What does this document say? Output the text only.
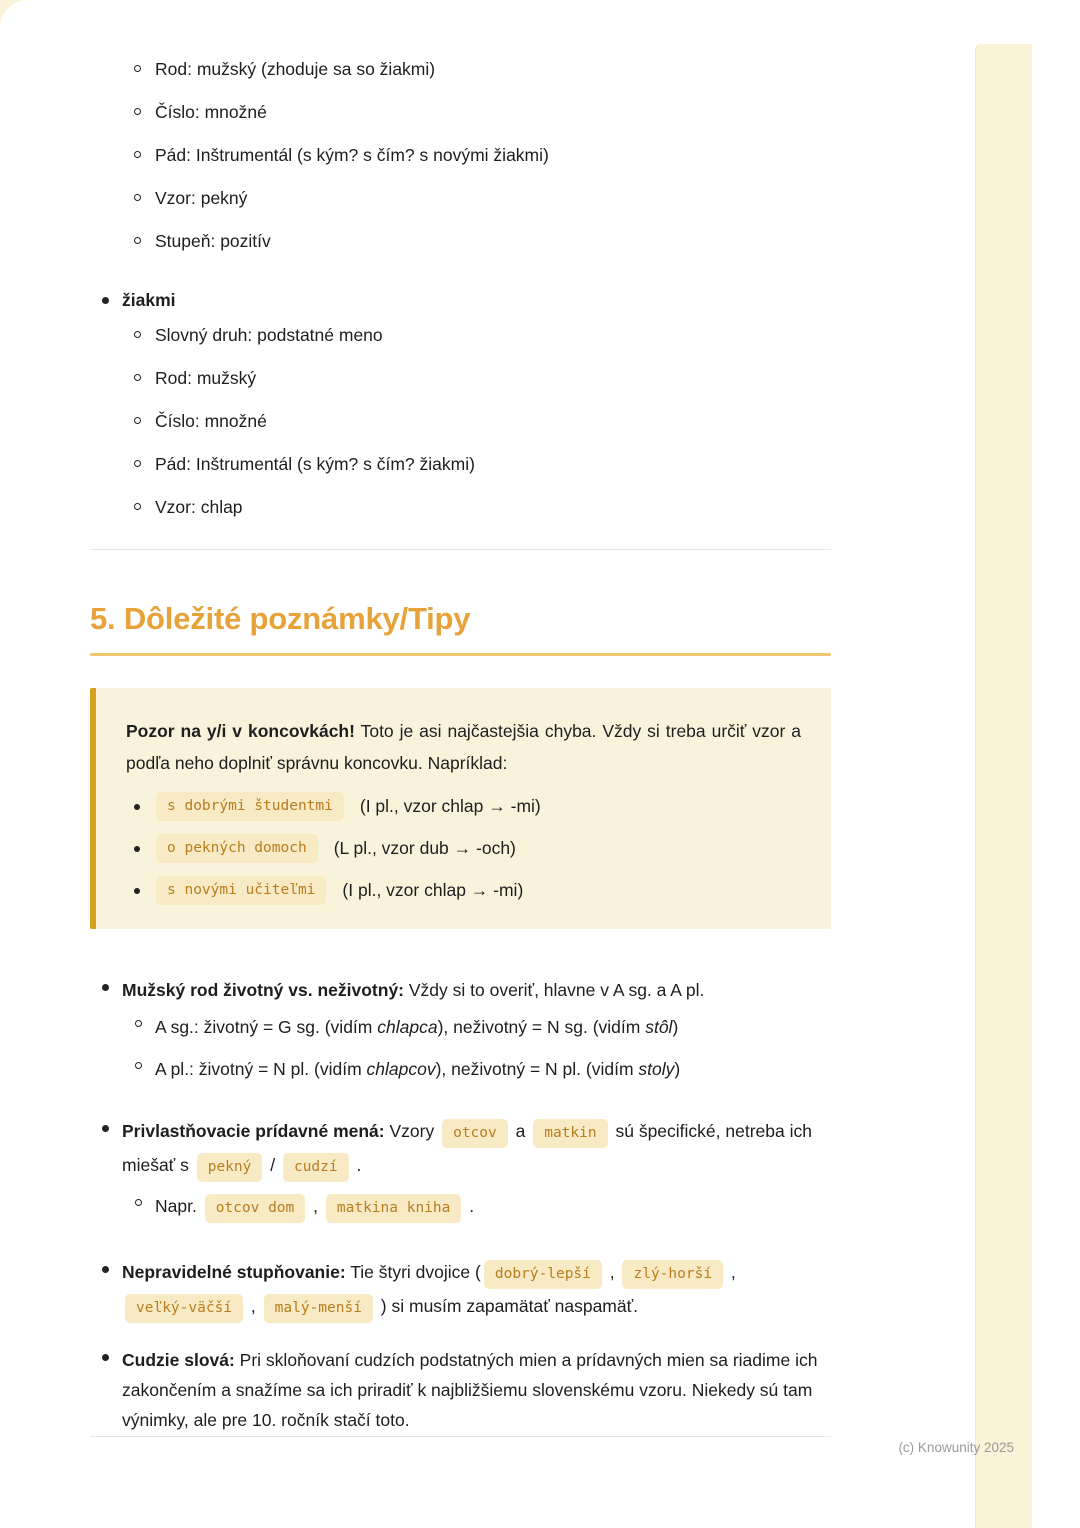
Rod: mužský (zhoduje sa so žiakmi)
Číslo: množné
Pád: Inštrumentál (s kým? s čím? s novými žiakmi)
Vzor: pekný
Stupeň: pozitív
žiakmi
Slovný druh: podstatné meno
Rod: mužský
Číslo: množné
Pád: Inštrumentál (s kým? s čím? žiakmi)
Vzor: chlap
5. Dôležité poznámky/Tipy

Pozor na y/i v koncovkách! Toto je asi najčastejšia chyba. Vždy si treba určiť vzor a podľa neho doplniť správnu koncovku. Napríklad:

s dobrými študentmi	(I pl., vzor chlap → -mi)
o pekných domoch	(L pl., vzor dub → -och)
s novými učiteľmi	(I pl., vzor chlap → -mi)

Mužský rod životný vs. neživotný: Vždy si to overiť, hlavne v A sg. a A pl.

A sg.: životný = G sg. (vidím chlapca), neživotný = N sg. (vidím stôl)

A pl.: životný = N pl. (vidím chlapcov), neživotný = N pl. (vidím stoly)

Privlastňovacie prídavné mená: Vzory otcov a matkin sú špecifické, netreba ich miešať s pekný / cudzí .

Napr. otcov dom , matkina kniha .

Nepravidelné stupňovanie: Tie štyri dvojice ( dobrý-lepší , zlý-horší , veľký-väčší , malý-menší ) si musím zapamätať naspamäť.

Cudzie slová: Pri skloňovaní cudzích podstatných mien a prídavných mien sa riadime ich zakončením a snažíme sa ich priradiť k najbližšiemu slovenskému vzoru. Niekedy sú tam výnimky, ale pre 10. ročník stačí toto.

(c) Knowunity 2025
